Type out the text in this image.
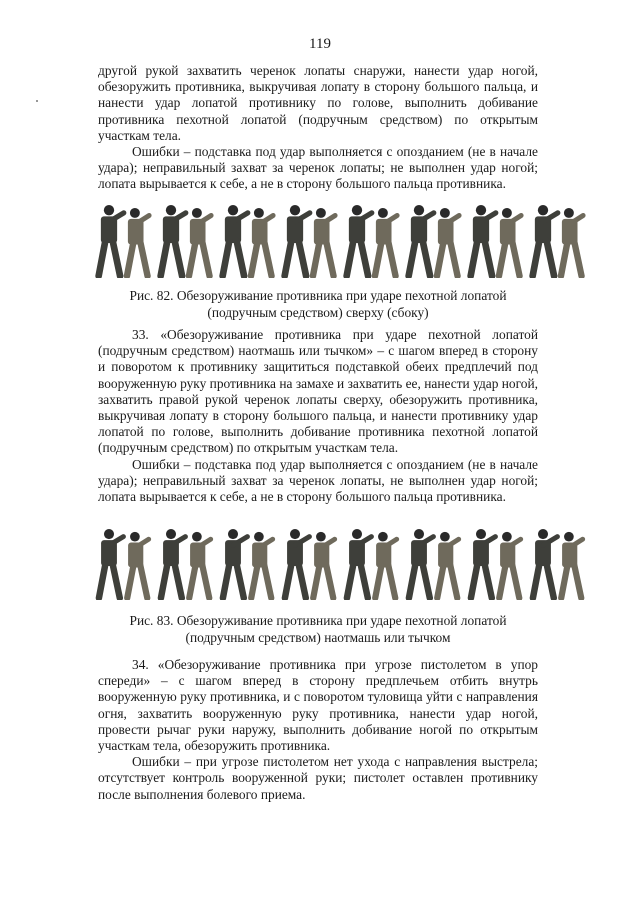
119

другой рукой захватить черенок лопаты снаружи, нанести удар ногой, обезоружить противника, выкручивая лопату в сторону большого пальца, и нанести удар лопатой противнику по голове, выполнить добивание противника пехотной лопатой (подручным средством) по открытым участкам тела.

Ошибки – подставка под удар выполняется с опозданием (не в начале удара); неправильный захват за черенок лопаты; не выполнен удар ногой; лопата вырывается к себе, а не в сторону большого пальца противника.

Рис. 82. Обезоруживание противника при ударе пехотной лопатой
(подручным средством) сверху (сбоку)

33. «Обезоруживание противника при ударе пехотной лопатой (подручным средством) наотмашь или тычком» – с шагом вперед в сторону и поворотом к противнику защититься подставкой обеих предплечий под вооруженную руку противника на замахе и захватить ее, нанести удар ногой, захватить правой рукой черенок лопаты сверху, обезоружить противника, выкручивая лопату в сторону большого пальца, и нанести противнику удар лопатой по голове, выполнить добивание противника пехотной лопатой (подручным средством) по открытым участкам тела.

Ошибки – подставка под удар выполняется с опозданием (не в начале удара); неправильный захват за черенок лопаты, не выполнен удар ногой; лопата вырывается к себе, а не в сторону большого пальца противника.

Рис. 83. Обезоруживание противника при ударе пехотной лопатой
(подручным средством) наотмашь или тычком

34. «Обезоруживание противника при угрозе пистолетом в упор спереди» – с шагом вперед в сторону предплечьем отбить внутрь вооруженную руку противника, и с поворотом туловища уйти с направления огня, захватить вооруженную руку противника, нанести удар ногой, провести рычаг руки наружу, выполнить добивание ногой по открытым участкам тела, обезоружить противника.

Ошибки – при угрозе пистолетом нет ухода с направления выстрела; отсутствует контроль вооруженной руки; пистолет оставлен противнику после выполнения болевого приема.
